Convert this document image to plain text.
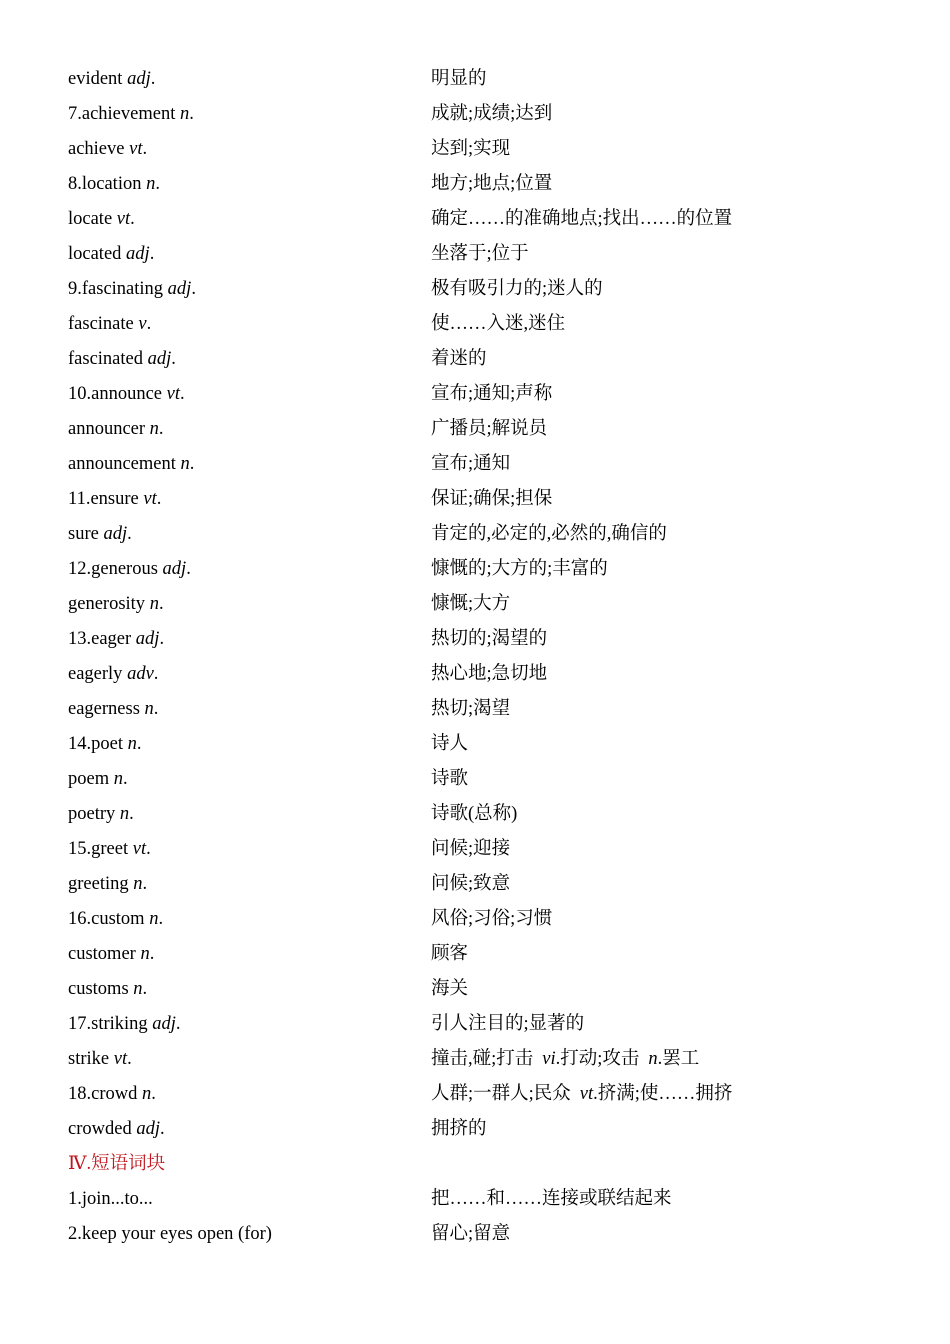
evident adj.	明显的
7.achievement n.	成就;成绩;达到
achieve vt.	达到;实现
8.location n.	地方;地点;位置
locate vt.	确定……的准确地点;找出……的位置
located adj.	坐落于;位于
9.fascinating adj.	极有吸引力的;迷人的
fascinate v.	使……入迷,迷住
fascinated adj.	着迷的
10.announce vt.	宣布;通知;声称
announcer n.	广播员;解说员
announcement n.	宣布;通知
11.ensure vt.	保证;确保;担保
sure adj.	肯定的,必定的,必然的,确信的
12.generous adj.	慷慨的;大方的;丰富的
generosity n.	慷慨;大方
13.eager adj.	热切的;渴望的
eagerly adv.	热心地;急切地
eagerness n.	热切;渴望
14.poet n.	诗人
poem n.	诗歌
poetry n.	诗歌(总称)
15.greet vt.	问候;迎接
greeting n.	问候;致意
16.custom n.	风俗;习俗;习惯
customer n.	顾客
customs n.	海关
17.striking adj.	引人注目的;显著的
strike vt.	撞击,碰;打击 vi.打动;攻击 n.罢工
18.crowd n.	人群;一群人;民众 vt.挤满;使……拥挤
crowded adj.	拥挤的
Ⅳ.短语词块
1.join...to...	把……和……连接或联结起来
2.keep your eyes open (for)	留心;留意
